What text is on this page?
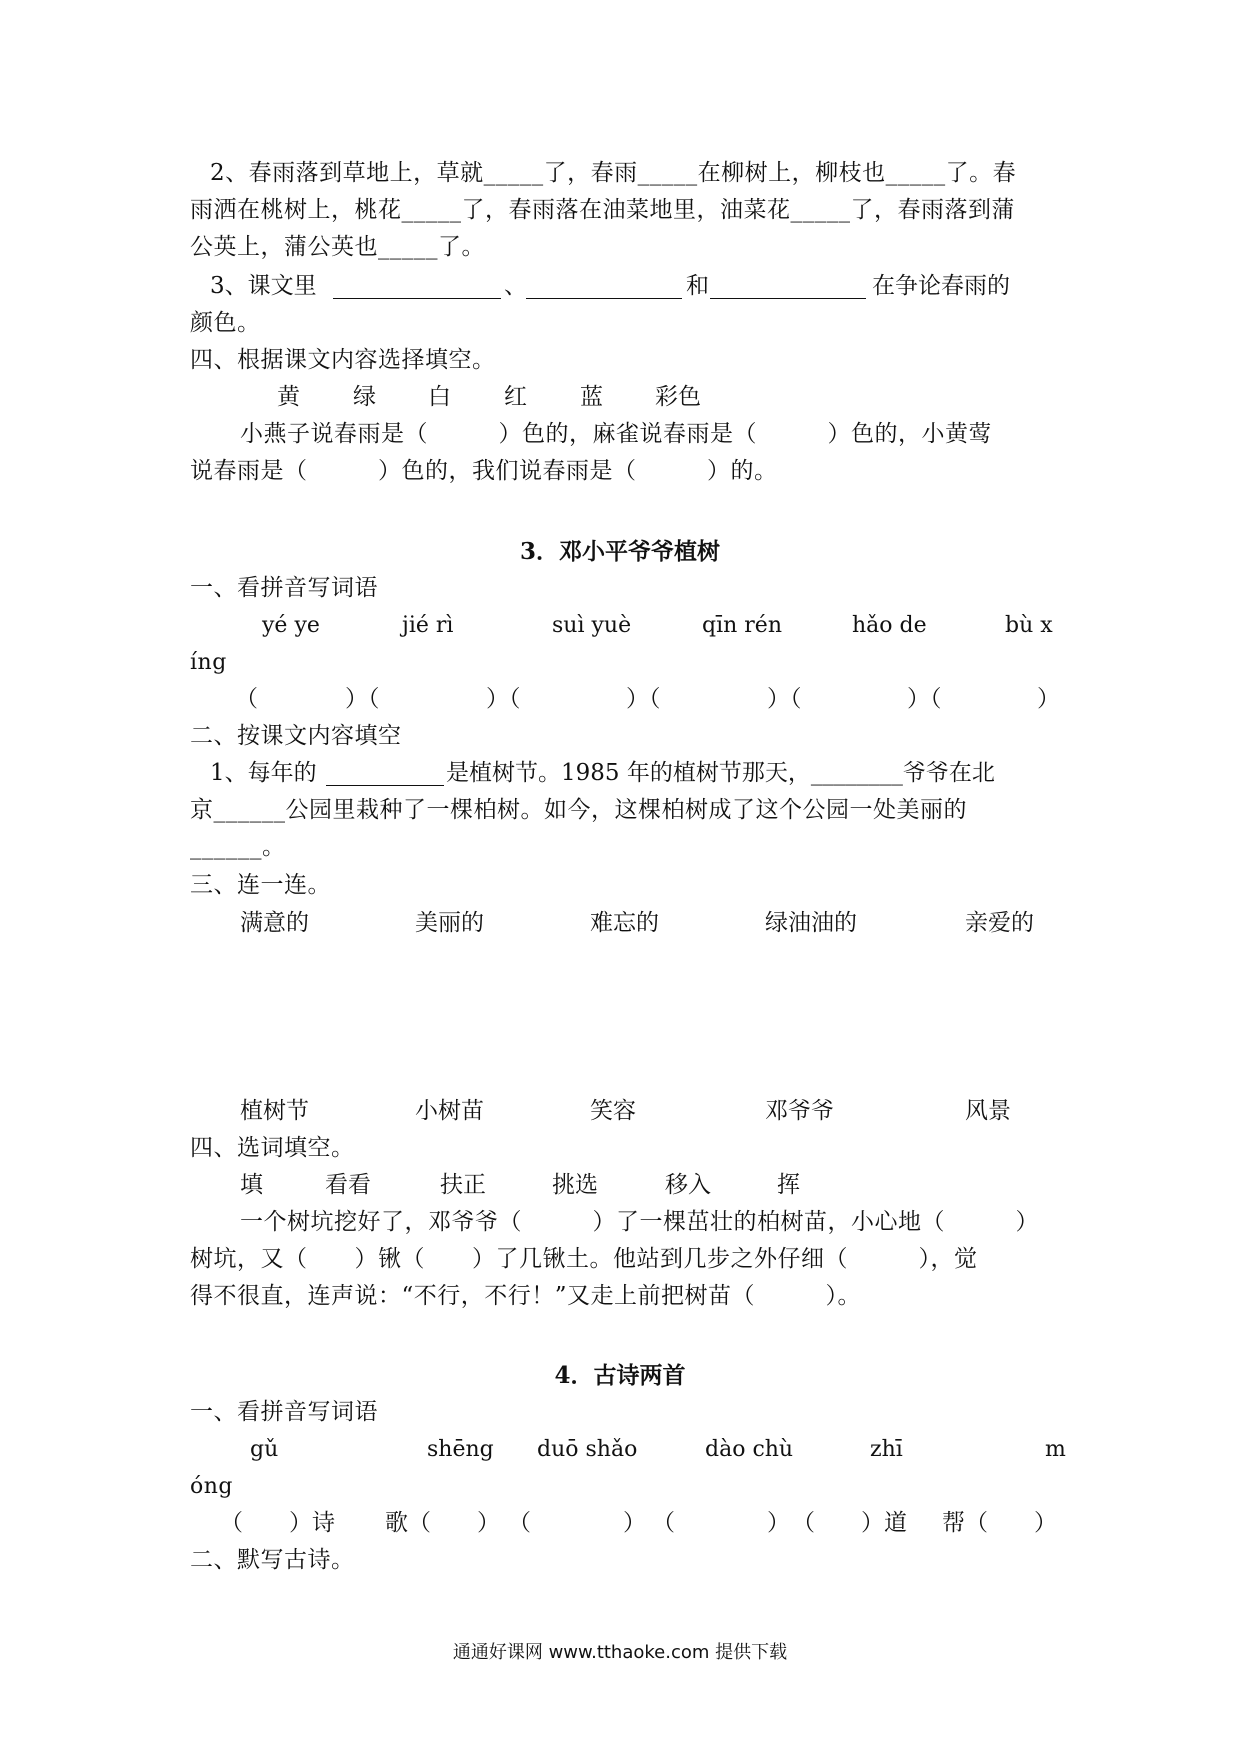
2、春雨落到草地上，草就_____了，春雨_____在柳树上，柳枝也_____了。春
雨洒在桃树上，桃花_____了，春雨落在油菜地里，油菜花_____了，春雨落到蒲
公英上，蒲公英也_____了。
3、课文里	、	和	在争论春雨的
颜色。
四、根据课文内容选择填空。
黄 绿 白 红 蓝 彩色
小燕子说春雨是（　　　）色的，麻雀说春雨是（　　　）色的，小黄莺
说春雨是（　　　）色的，我们说春雨是（　　　）的。
3．邓小平爷爷植树
一、看拼音写词语
yé ye	jié rì	suì yuè	qīn rén	hǎo de	bù x
íng
（	）（	）（	）（	）（	）（	）
二、按课文内容填空
1、每年的	是植树节。1985 年的植树节那天，________爷爷在北
京______公园里栽种了一棵柏树。如今，这棵柏树成了这个公园一处美丽的
______。
三、连一连。
满意的	美丽的	难忘的	绿油油的	亲爱的
植树节	小树苗	笑容	邓爷爷	风景
四、选词填空。
填	看看	扶正	挑选	移入	挥
一个树坑挖好了，邓爷爷（　　　）了一棵茁壮的柏树苗，小心地（　　　）
树坑，又（　　）锹（　　）了几锹土。他站到几步之外仔细（　　　），觉
得不很直，连声说：“不行，不行！”又走上前把树苗（　　　）。
4．古诗两首
一、看拼音写词语
gǔ	shēng duō shǎo	dào chù	zhī	m
óng
（　　）诗 歌（　　） （　　　　） （　　　　） （　　）道 帮（　　）
二、默写古诗。
通通好课网 www.tthaoke.com 提供下载
